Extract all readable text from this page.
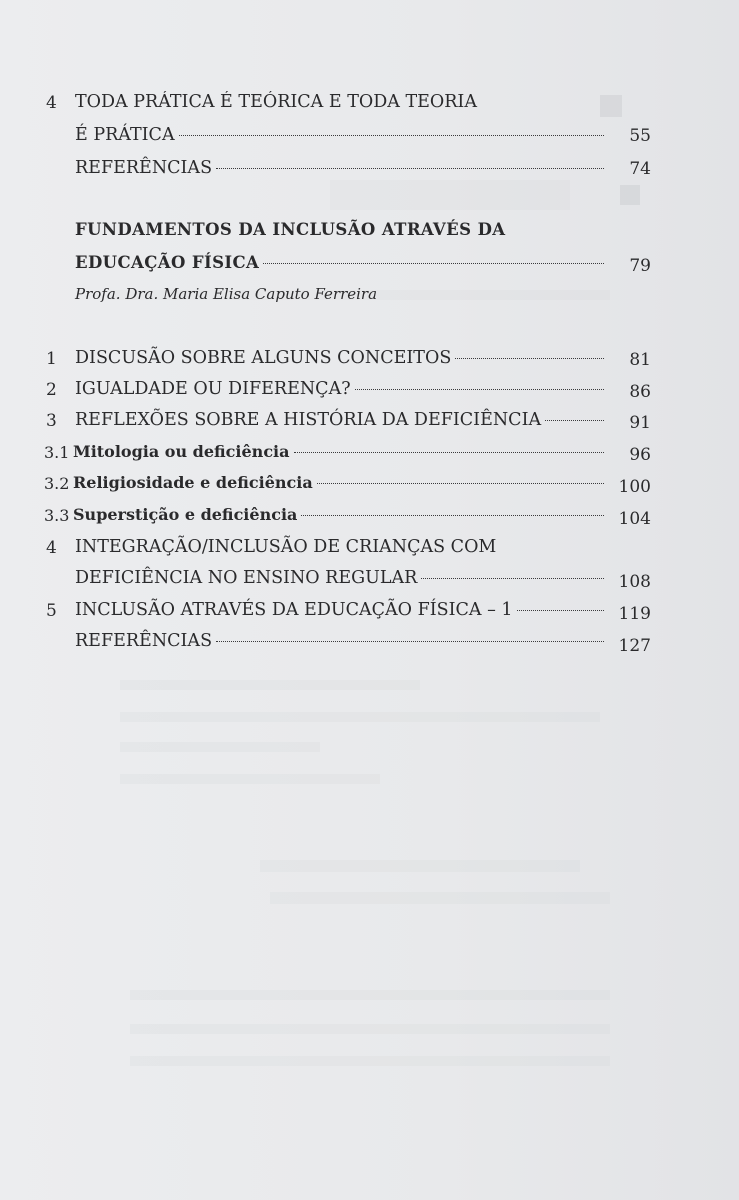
4 TODA PRÁTICA É TEÓRICA E TODA TEORIA
É PRÁTICA	55
REFERÊNCIAS	74
FUNDAMENTOS DA INCLUSÃO ATRAVÉS DA
EDUCAÇÃO FÍSICA	79
Profa. Dra. Maria Elisa Caputo Ferreira
1 DISCUSÃO SOBRE ALGUNS CONCEITOS	81
2 IGUALDADE OU DIFERENÇA?	86
3 REFLEXÕES SOBRE A HISTÓRIA DA DEFICIÊNCIA	91
3.1 Mitologia ou deficiência	96
3.2 Religiosidade e deficiência	100
3.3 Superstição e deficiência	104
4 INTEGRAÇÃO/INCLUSÃO DE CRIANÇAS COM
DEFICIÊNCIA NO ENSINO REGULAR	108
5 INCLUSÃO ATRAVÉS DA EDUCAÇÃO FÍSICA – 1	119
REFERÊNCIAS	127
